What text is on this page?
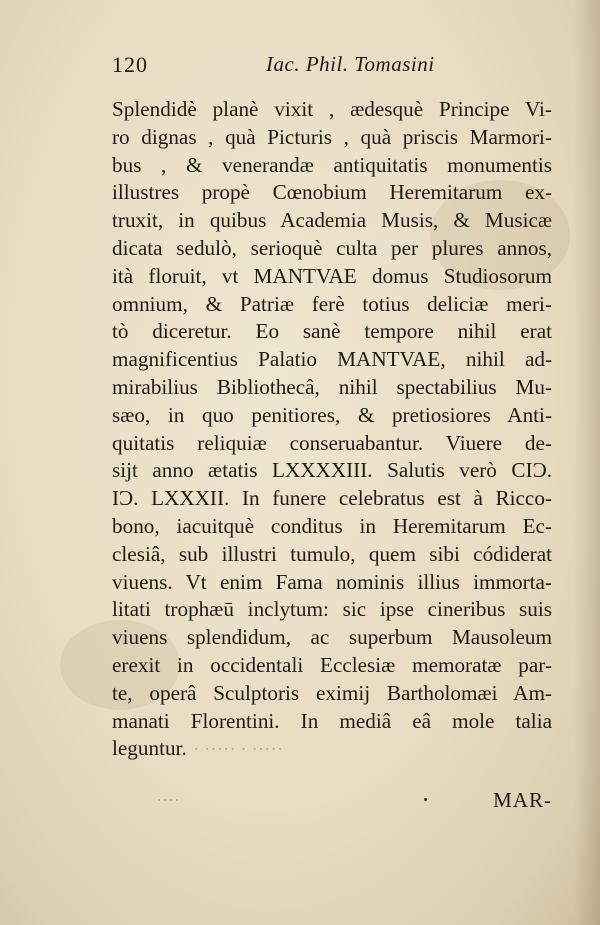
120	Iac. Phil. Tomasini
Splendidè planè vixit , ædesquè Principe Vi-
ro dignas , quà Picturis , quà priscis Marmori-
bus , & venerandæ antiquitatis monumentis
illustres propè Cœnobium Heremitarum ex-
truxit, in quibus Academia Musis, & Musicæ
dicata sedulò, serioquè culta per plures annos,
ità floruit, vt MANTVAE domus Studiosorum
omnium, & Patriæ ferè totius deliciæ meri-
tò diceretur. Eo sanè tempore nihil erat
magnificentius Palatio MANTVAE, nihil ad-
mirabilius Bibliothecâ, nihil spectabilius Mu-
sæo, in quo penitiores, & pretiosiores Anti-
quitatis reliquiæ conseruabantur. Viuere de-
sijt anno ætatis LXXXXIII. Salutis verò CIƆ.
IƆ. LXXXII. In funere celebratus est à Ricco-
bono, iacuitquè conditus in Heremitarum Ec-
clesiâ, sub illustri tumulo, quem sibi códiderat
viuens. Vt enim Fama nominis illius immorta-
litati trophæū inclytum: sic ipse cineribus suis
viuens splendidum, ac superbum Mausoleum
erexit in occidentali Ecclesiæ memoratæ par-
te, operâ Sculptoris eximij Bartholomæi Am-
manati Florentini. In mediâ eâ mole talia
leguntur. ····· · ····· ·
····	MAR-
